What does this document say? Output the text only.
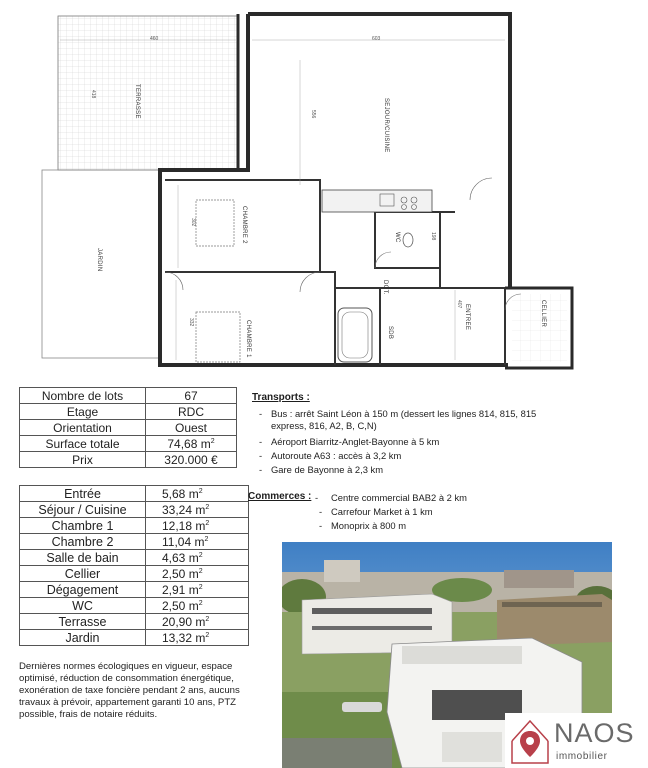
TERRASSE	SEJOUR/CUISINE
JARDIN
CHAMBRE 2
CHAMBRE 1
WC
DGT.
SDB
ENTREE	CELLIER
460	603
418
556
302
332
198
407
Nombre de lots	67
Etage	RDC
Orientation	Ouest
Surface totale	74,68 $m^2$
Prix	320.000 €
Entrée	5,68 $m^2$
Séjour / Cuisine	33,24 $m^2$
Chambre 1	12,18 $m^2$
Chambre 2	11,04 $m^2$
Salle de bain	4,63 $m^2$
Cellier	2,50 $m^2$
Dégagement	2,91 $m^2$
WC	2,50 $m^2$
Terrasse	20,90 $m^2$
Jardin	13,32 $m^2$
Transports :
- Bus : arrêt Saint Léon à 150 m (dessert les lignes 814, 815, 815
express, 816, A2, B, C,N)
- Aéroport Biarritz-Anglet-Bayonne à 5 km
- Autoroute A63 : accès à 3,2 km
- Gare de Bayonne à 2,3 km
Commerces : - Centre commercial BAB2 à 2 km
- Carrefour Market à 1 km
- Monoprix à 800 m
Dernières normes écologiques en vigueur, espace optimisé, réduction de consommation énergétique, exonération de taxe foncière pendant 2 ans, aucuns travaux à prévoir, appartement garanti 10 ans, PTZ possible, frais de notaire réduits.
NAOS
immobilier
